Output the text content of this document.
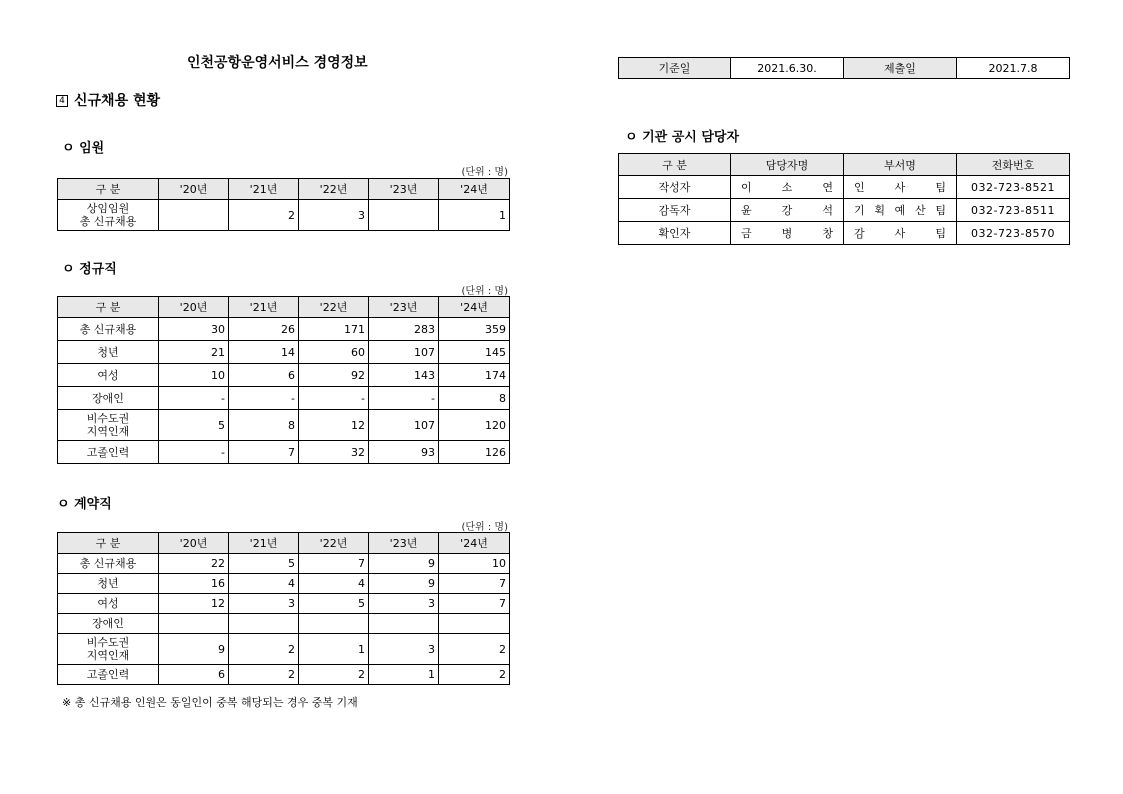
인천공항운영서비스 경영정보	기준일	2021.6.30.	제출일	2021.7.8
4 신규채용 현황
ㅇ 임원
(단위 : 명)
구 분	'20년	'21년	'22년	'23년	'24년
상임임원
총 신규채용		2	3		1
ㅇ 정규직
(단위 : 명)
구 분	'20년	'21년	'22년	'23년	'24년
총 신규채용	30	26	171	283	359
청년	21	14	60	107	145
여성	10	6	92	143	174
장애인	-	-	-	-	8
비수도권
지역인재	5	8	12	107	120
고졸인력	-	7	32	93	126
ㅇ 계약직
(단위 : 명)
구 분	'20년	'21년	'22년	'23년	'24년
총 신규채용	22	5	7	9	10
청년	16	4	4	9	7
여성	12	3	5	3	7
장애인					
비수도권
지역인재	9	2	1	3	2
고졸인력	6	2	2	1	2
※ 총 신규채용 인원은 동일인이 중복 해당되는 경우 중복 기재
ㅇ 기관 공시 담당자
구 분	담당자명	부서명	전화번호
작성자	이 소 연	인 사 팀	032-723-8521
감독자	윤 강 석	기 획 예 산 팀	032-723-8511
확인자	금 병 창	감 사 팀	032-723-8570
